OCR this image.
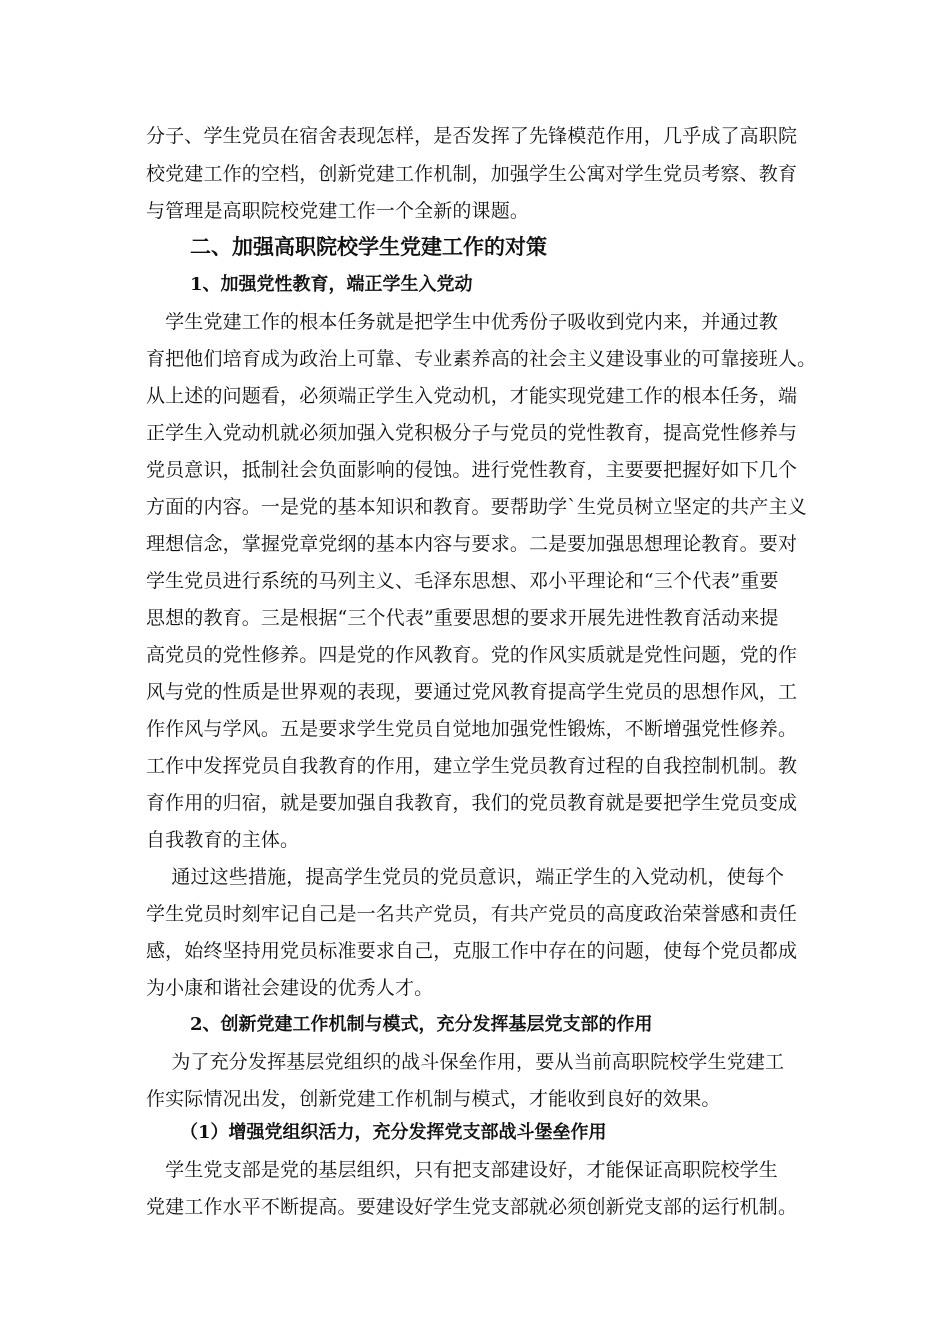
分子、学生党员在宿舍表现怎样，是否发挥了先锋模范作用，几乎成了高职院
校党建工作的空档，创新党建工作机制，加强学生公寓对学生党员考察、教育
与管理是高职院校党建工作一个全新的课题。
二、加强高职院校学生党建工作的对策
1、加强党性教育，端正学生入党动
　学生党建工作的根本任务就是把学生中优秀份子吸收到党内来，并通过教
育把他们培育成为政治上可靠、专业素养高的社会主义建设事业的可靠接班人。
从上述的问题看，必须端正学生入党动机，才能实现党建工作的根本任务，端
正学生入党动机就必须加强入党积极分子与党员的党性教育，提高党性修养与
党员意识，抵制社会负面影响的侵蚀。进行党性教育，主要要把握好如下几个
方面的内容。一是党的基本知识和教育。要帮助学`生党员树立坚定的共产主义
理想信念，掌握党章党纲的基本内容与要求。二是要加强思想理论教育。要对
学生党员进行系统的马列主义、毛泽东思想、邓小平理论和“三个代表”重要
思想的教育。三是根据“三个代表”重要思想的要求开展先进性教育活动来提
高党员的党性修养。四是党的作风教育。党的作风实质就是党性问题，党的作
风与党的性质是世界观的表现，要通过党风教育提高学生党员的思想作风，工
作作风与学风。五是要求学生党员自觉地加强党性锻炼，不断增强党性修养。
工作中发挥党员自我教育的作用，建立学生党员教育过程的自我控制机制。教
育作用的归宿，就是要加强自我教育，我们的党员教育就是要把学生党员变成
自我教育的主体。
　 通过这些措施，提高学生党员的党员意识，端正学生的入党动机，使每个
学生党员时刻牢记自己是一名共产党员，有共产党员的高度政治荣誉感和责任
感，始终坚持用党员标准要求自己，克服工作中存在的问题，使每个党员都成
为小康和谐社会建设的优秀人才。
2、创新党建工作机制与模式，充分发挥基层党支部的作用
　 为了充分发挥基层党组织的战斗保垒作用，要从当前高职院校学生党建工
作实际情况出发，创新党建工作机制与模式，才能收到良好的效果。
（1）增强党组织活力，充分发挥党支部战斗堡垒作用
　学生党支部是党的基层组织，只有把支部建设好，才能保证高职院校学生
党建工作水平不断提高。要建设好学生党支部就必须创新党支部的运行机制。
